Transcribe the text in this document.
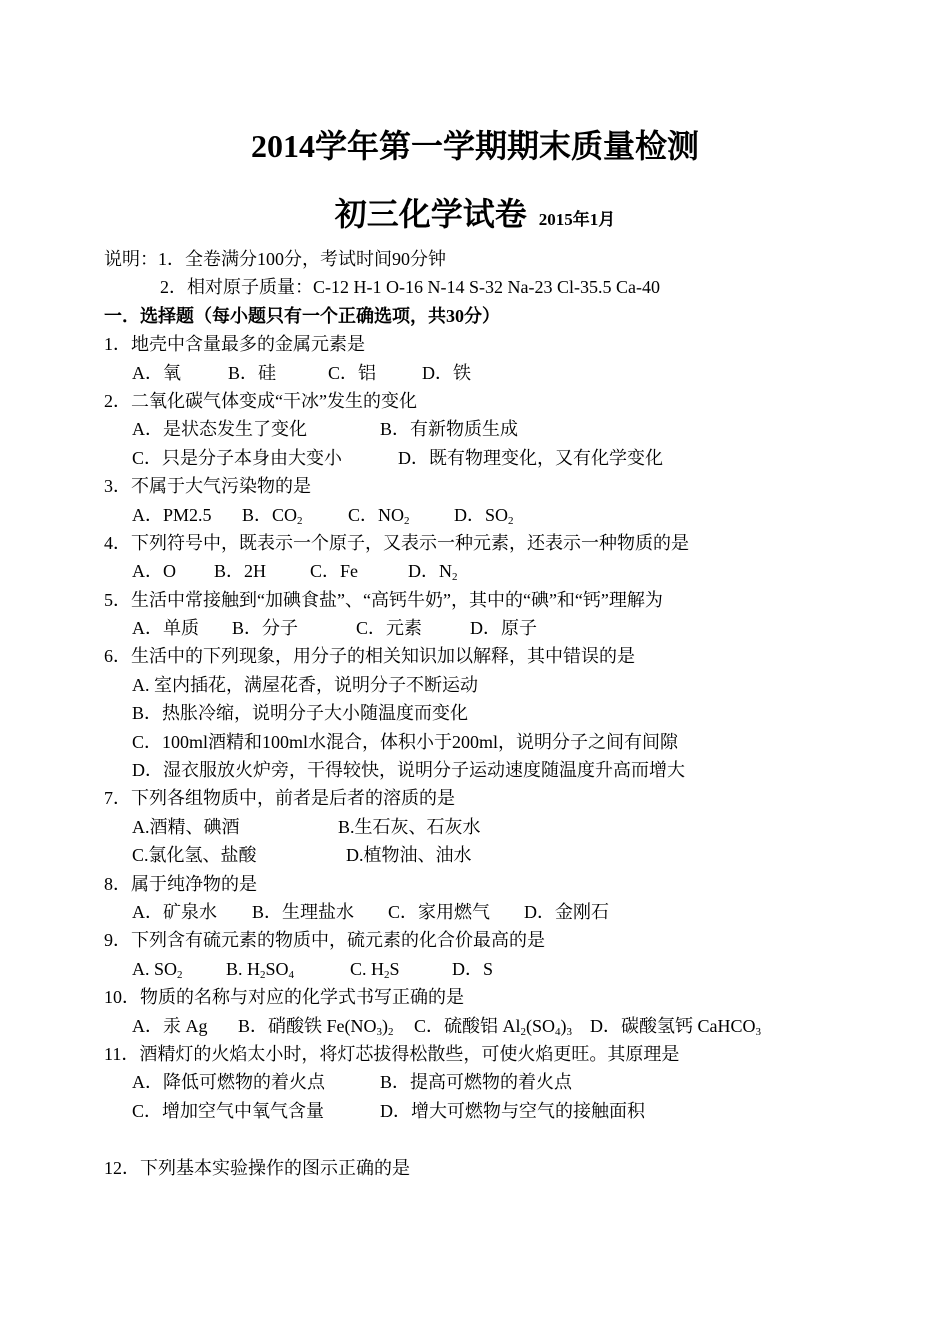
2014学年第一学期期末质量检测
初三化学试卷 2015年1月
说明：1．全卷满分100分，考试时间90分钟
2．相对原子质量：C-12 H-1 O-16 N-14 S-32 Na-23 Cl-35.5 Ca-40
一．选择题（每小题只有一个正确选项，共30分）
1．地壳中含量最多的金属元素是
A．氧	B．硅	C．铝	D．铁
2．二氧化碳气体变成“干冰”发生的变化
A．是状态发生了变化	B．有新物质生成
C．只是分子本身由大变小	D．既有物理变化，又有化学变化
3．不属于大气污染物的是
A．PM2.5 B．$CO_2$	C．$NO_2$ D．$SO_2$
4．下列符号中，既表示一个原子，又表示一种元素，还表示一种物质的是
A．O B．2H C．Fe	D．$N_2$
5．生活中常接触到“加碘食盐”、“高钙牛奶”，其中的“碘”和“钙”理解为
A．单质 B．分子	C．元素	D．原子
6．生活中的下列现象，用分子的相关知识加以解释，其中错误的是
A. 室内插花，满屋花香，说明分子不断运动
B．热胀冷缩，说明分子大小随温度而变化
C．100ml酒精和100ml水混合，体积小于200ml，说明分子之间有间隙
D．湿衣服放火炉旁，干得较快，说明分子运动速度随温度升高而增大
7．下列各组物质中，前者是后者的溶质的是
A.酒精、碘酒	B.生石灰、石灰水
C.氯化氢、盐酸	D.植物油、油水
8．属于纯净物的是
A．矿泉水 B．生理盐水 C．家用燃气 D．金刚石
9．下列含有硫元素的物质中，硫元素的化合价最高的是
A. $SO_2$ B. $H_2SO_4$	C. $H_2S$	D．S
10．物质的名称与对应的化学式书写正确的是
A．汞 Ag B．硝酸铁 $Fe(NO_3)_2$ C．硫酸铝 $Al_2(SO_4)_3$ D．碳酸氢钙 CaHCO$_3$
11．酒精灯的火焰太小时，将灯芯拔得松散些，可使火焰更旺。其原理是
A．降低可燃物的着火点	B．提高可燃物的着火点
C．增加空气中氧气含量	D．增大可燃物与空气的接触面积
12．下列基本实验操作的图示正确的是
